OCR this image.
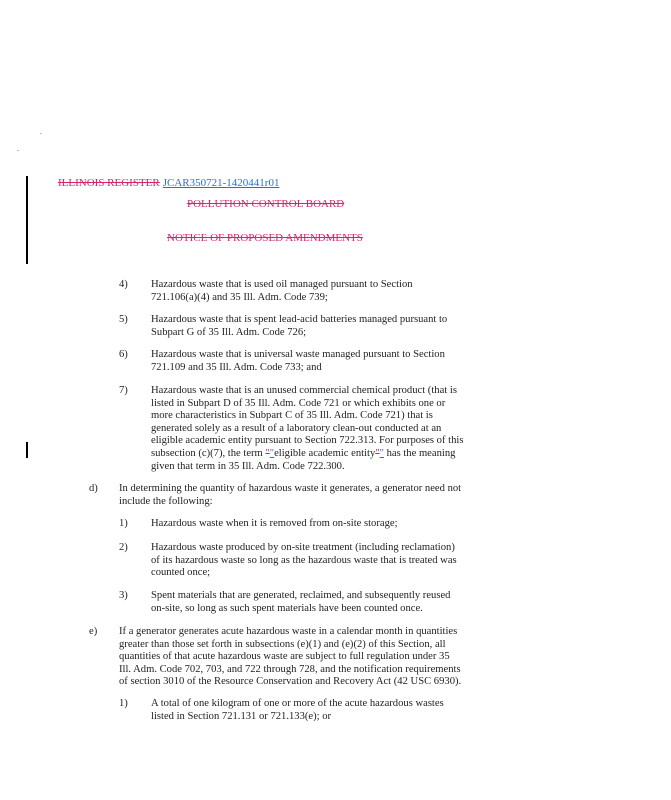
ILLINOIS REGISTER JCAR350721-1420441r01
POLLUTION CONTROL BOARD
NOTICE OF PROPOSED AMENDMENTS
4) Hazardous waste that is used oil managed pursuant to Section 721.106(a)(4) and 35 Ill. Adm. Code 739;
5) Hazardous waste that is spent lead-acid batteries managed pursuant to Subpart G of 35 Ill. Adm. Code 726;
6) Hazardous waste that is universal waste managed pursuant to Section 721.109 and 35 Ill. Adm. Code 733; and
7) Hazardous waste that is an unused commercial chemical product (that is listed in Subpart D of 35 Ill. Adm. Code 721 or which exhibits one or more characteristics in Subpart C of 35 Ill. Adm. Code 721) that is generated solely as a result of a laboratory clean-out conducted at an eligible academic entity pursuant to Section 722.313. For purposes of this subsection (c)(7), the term ""eligible academic entity"" has the meaning given that term in 35 Ill. Adm. Code 722.300.
d) In determining the quantity of hazardous waste it generates, a generator need not include the following:
1) Hazardous waste when it is removed from on-site storage;
2) Hazardous waste produced by on-site treatment (including reclamation) of its hazardous waste so long as the hazardous waste that is treated was counted once;
3) Spent materials that are generated, reclaimed, and subsequently reused on-site, so long as such spent materials have been counted once.
e) If a generator generates acute hazardous waste in a calendar month in quantities greater than those set forth in subsections (e)(1) and (e)(2) of this Section, all quantities of that acute hazardous waste are subject to full regulation under 35 Ill. Adm. Code 702, 703, and 722 through 728, and the notification requirements of section 3010 of the Resource Conservation and Recovery Act (42 USC 6930).
1) A total of one kilogram of one or more of the acute hazardous wastes listed in Section 721.131 or 721.133(e); or
